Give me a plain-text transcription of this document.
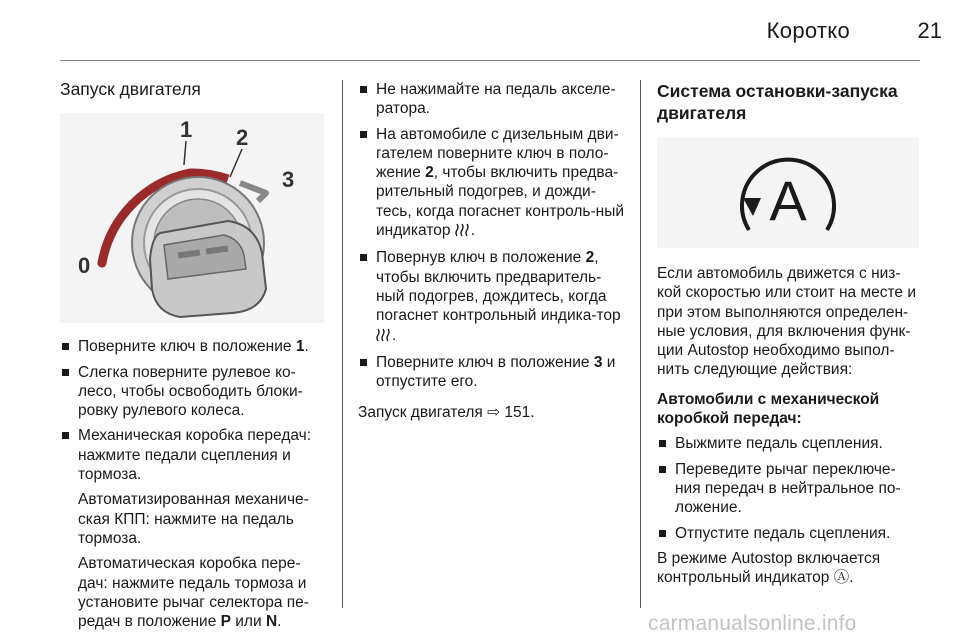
Коротко	21
Запуск двигателя
1 2
3
0
Поверните ключ в положение 1.
Слегка поверните рулевое ко-лесо, чтобы освободить блоки-ровку рулевого колеса.
Механическая коробка передач: нажмите педали сцепления и тормоза.

Автоматизированная механиче-ская КПП: нажмите на педаль тормоза.

Автоматическая коробка пере-дач: нажмите педаль тормоза и установите рычаг селектора пе-редач в положение P или N.

Не нажимайте на педаль акселе-ратора.
На автомобиле с дизельным дви-гателем поверните ключ в поло-жение 2, чтобы включить предва-рительный подогрев, и дожди-тесь, когда погаснет контроль-ный индикатор .
Повернув ключ в положение 2, чтобы включить предваритель-ный подогрев, дождитесь, когда погаснет контрольный индика-тор .
Поверните ключ в положение 3 и отпустите его.

Запуск двигателя ⇨ 151.

Система остановки-запуска двигателя
A

Если автомобиль движется с низ-кой скоростью или стоит на месте и при этом выполняются определен-ные условия, для включения функ-ции Autostop необходимо выпол-нить следующие действия:

Автомобили с механической коробкой передач:
Выжмите педаль сцепления.
Переведите рычаг переключе-ния передач в нейтральное по-ложение.
Отпустите педаль сцепления.

В режиме Autostop включается контрольный индикатор Ⓐ.

carmanualsonline.info
